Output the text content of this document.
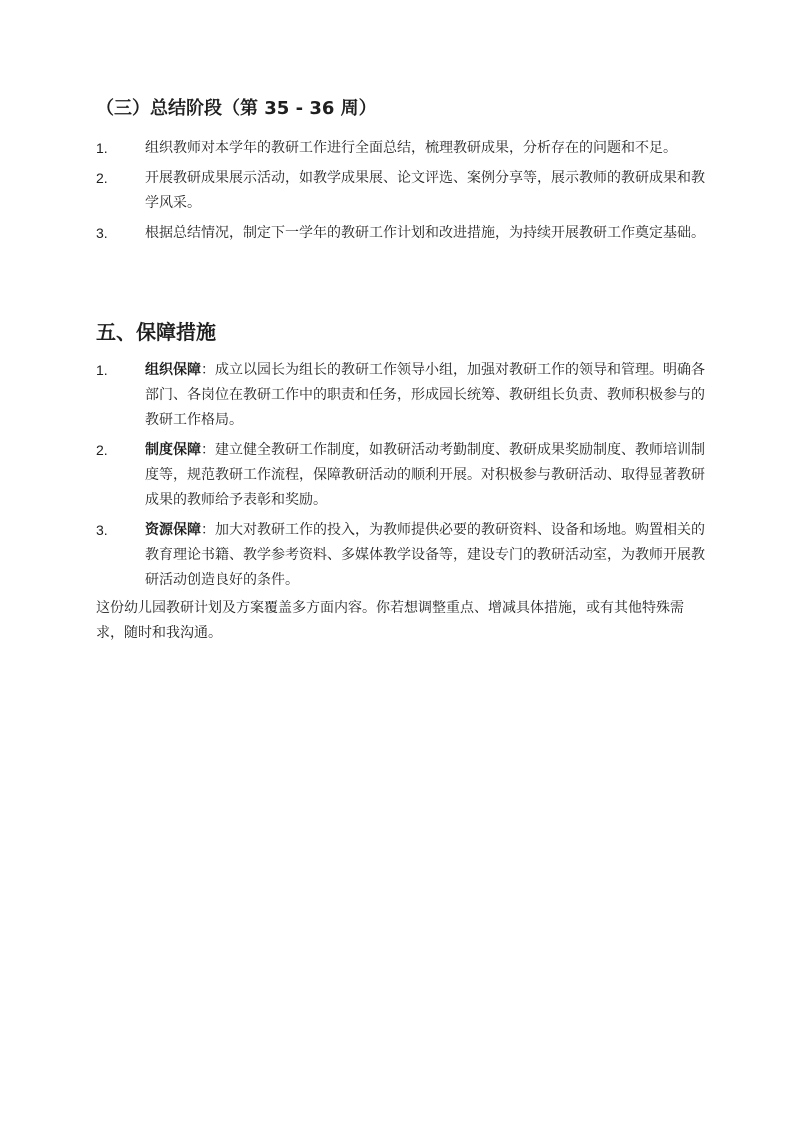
（三）总结阶段（第 35 - 36 周）
1.	组织教师对本学年的教研工作进行全面总结，梳理教研成果，分析存在的问题和不足。
2.	开展教研成果展示活动，如教学成果展、论文评选、案例分享等，展示教师的教研成果和教学风采。
3.	根据总结情况，制定下一学年的教研工作计划和改进措施，为持续开展教研工作奠定基础。
五、保障措施
1.	组织保障：成立以园长为组长的教研工作领导小组，加强对教研工作的领导和管理。明确各部门、各岗位在教研工作中的职责和任务，形成园长统筹、教研组长负责、教师积极参与的教研工作格局。
2.	制度保障：建立健全教研工作制度，如教研活动考勤制度、教研成果奖励制度、教师培训制度等，规范教研工作流程，保障教研活动的顺利开展。对积极参与教研活动、取得显著教研成果的教师给予表彰和奖励。
3.	资源保障：加大对教研工作的投入，为教师提供必要的教研资料、设备和场地。购置相关的教育理论书籍、教学参考资料、多媒体教学设备等，建设专门的教研活动室，为教师开展教研活动创造良好的条件。

这份幼儿园教研计划及方案覆盖多方面内容。你若想调整重点、增减具体措施，或有其他特殊需求，随时和我沟通。
